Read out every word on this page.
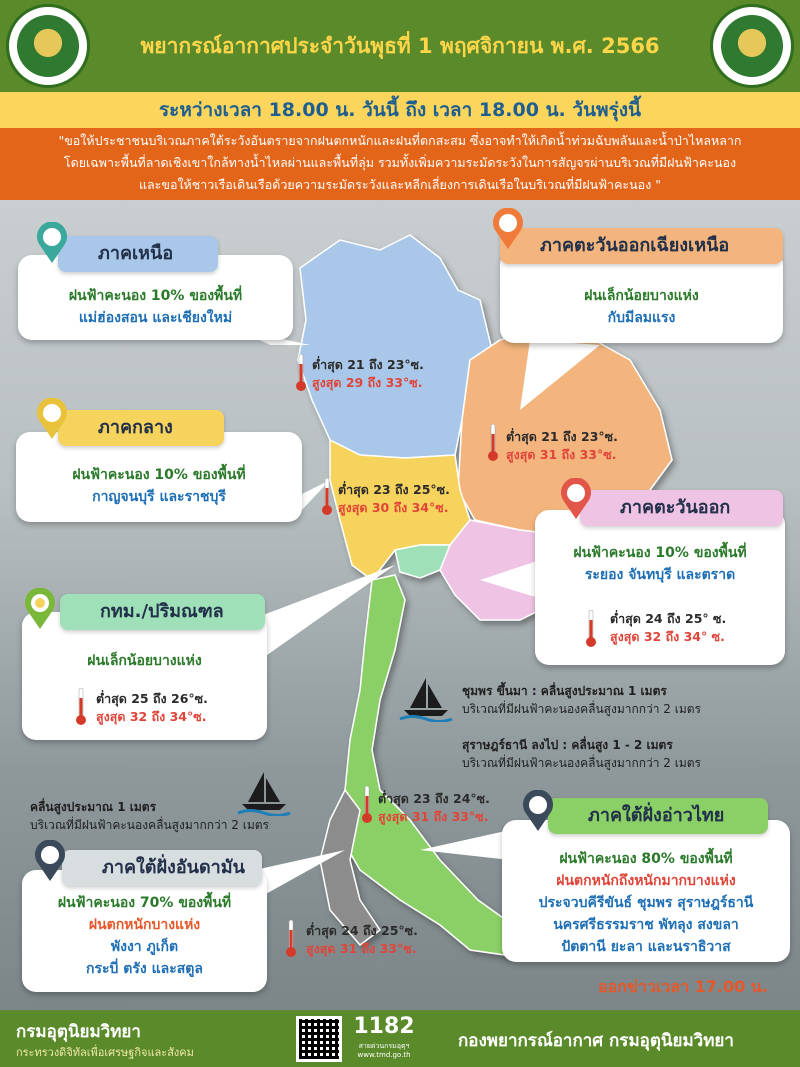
พยากรณ์อากาศประจำวันพุธที่ 1 พฤศจิกายน พ.ศ. 2566
ระหว่างเวลา 18.00 น. วันนี้ ถึง เวลา 18.00 น. วันพรุ่งนี้
"ขอให้ประชาชนบริเวณภาคใต้ระวังอันตรายจากฝนตกหนักและฝนที่ตกสะสม ซึ่งอาจทำให้เกิดน้ำท่วมฉับพลันและน้ำป่าไหลหลาก
โดยเฉพาะพื้นที่ลาดเชิงเขาใกล้ทางน้ำไหลผ่านและพื้นที่ลุ่ม รวมทั้งเพิ่มความระมัดระวังในการสัญจรผ่านบริเวณที่มีฝนฟ้าคะนอง
และขอให้ชาวเรือเดินเรือด้วยความระมัดระวังและหลีกเลี่ยงการเดินเรือในบริเวณที่มีฝนฟ้าคะนอง "
ฝนฟ้าคะนอง 10% ของพื้นที่
แม่ฮ่องสอน และเชียงใหม่
ภาคเหนือ
ฝนเล็กน้อยบางแห่ง
กับมีลมแรง
ภาคตะวันออกเฉียงเหนือ
ฝนฟ้าคะนอง 10% ของพื้นที่
กาญจนบุรี และราชบุรี
ภาคกลาง
ฝนฟ้าคะนอง 10% ของพื้นที่
ระยอง จันทบุรี และตราด
ภาคตะวันออก
ฝนเล็กน้อยบางแห่ง
กทม./ปริมณฑล
ฝนฟ้าคะนอง 80% ของพื้นที่
ฝนตกหนักถึงหนักมากบางแห่ง
ประจวบคีรีขันธ์ ชุมพร สุราษฎร์ธานี
นครศรีธรรมราช พัทลุง สงขลา
ปัตตานี ยะลา และนราธิวาส
ภาคใต้ฝั่งอ่าวไทย
ฝนฟ้าคะนอง 70% ของพื้นที่
ฝนตกหนักบางแห่ง
พังงา ภูเก็ต
กระบี่ ตรัง และสตูล
ภาคใต้ฝั่งอันดามัน
ต่ำสุด 21 ถึง 23°ซ.
สูงสุด 29 ถึง 33°ซ.
ต่ำสุด 21 ถึง 23°ซ.
สูงสุด 31 ถึง 33°ซ.
ต่ำสุด 23 ถึง 25°ซ.
สูงสุด 30 ถึง 34°ซ.
ต่ำสุด 24 ถึง 25° ซ.
สูงสุด 32 ถึง 34° ซ.
ต่ำสุด 25 ถึง 26°ซ.
สูงสุด 32 ถึง 34°ซ.
ต่ำสุด 23 ถึง 24°ซ.
สูงสุด 31 ถึง 33°ซ.
ต่ำสุด 24 ถึง 25°ซ.
สูงสุด 31 ถึง 33°ซ.
ชุมพร ขึ้นมา : คลื่นสูงประมาณ 1 เมตร
บริเวณที่มีฝนฟ้าคะนองคลื่นสูงมากกว่า 2 เมตร
สุราษฎร์ธานี ลงไป : คลื่นสูง 1 - 2 เมตร
บริเวณที่มีฝนฟ้าคะนองคลื่นสูงมากกว่า 2 เมตร
คลื่นสูงประมาณ 1 เมตร
บริเวณที่มีฝนฟ้าคะนองคลื่นสูงมากกว่า 2 เมตร
ออกข่าวเวลา 17.00 น.
กรมอุตุนิยมวิทยา
กระทรวงดิจิทัลเพื่อเศรษฐกิจและสังคม
1182
สายด่วนกรมอุตุฯ
www.tmd.go.th
กองพยากรณ์อากาศ กรมอุตุนิยมวิทยา
